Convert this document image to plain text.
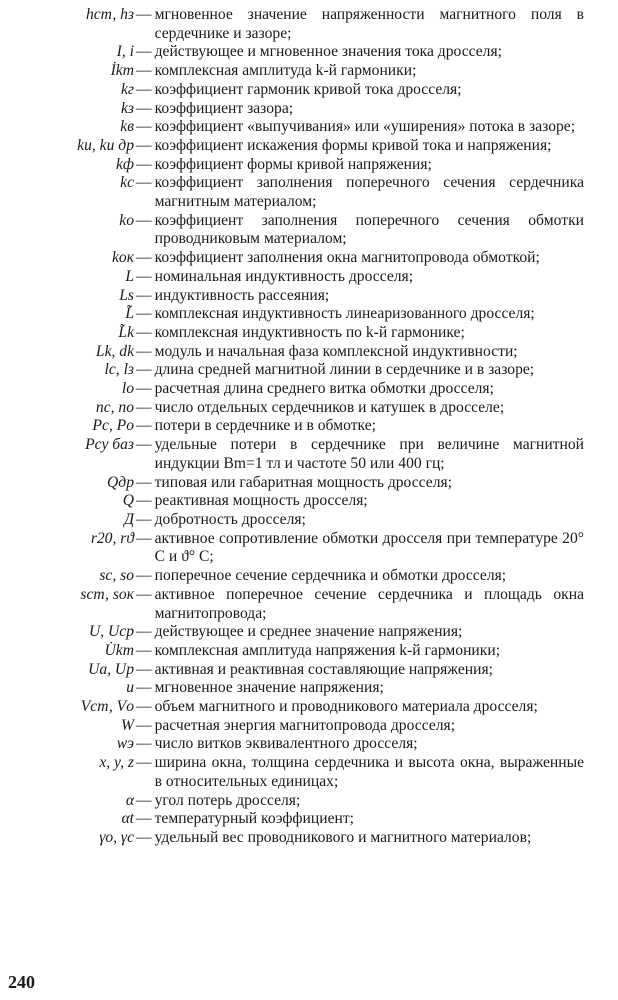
hст, hз — мгновенное значение напряженности магнитного поля в сердечнике и зазоре;
I, i — действующее и мгновенное значения тока дросселя;
İkm — комплексная амплитуда k-й гармоники;
kг — коэффициент гармоник кривой тока дросселя;
kз — коэффициент зазора;
kв — коэффициент «выпучивания» или «уширения» потока в зазоре;
kи, kи др — коэффициент искажения формы кривой тока и напряжения;
kф — коэффициент формы кривой напряжения;
kс — коэффициент заполнения поперечного сечения сердечника магнитным материалом;
kо — коэффициент заполнения поперечного сечения обмотки проводниковым материалом;
kок — коэффициент заполнения окна магнитопровода обмоткой;
L — номинальная индуктивность дросселя;
Ls — индуктивность рассеяния;
L̃ — комплексная индуктивность линеаризованного дросселя;
L̃k — комплексная индуктивность по k-й гармонике;
Lk, dk — модуль и начальная фаза комплексной индуктивности;
lс, lз — длина средней магнитной линии в сердечнике и в зазоре;
lо — расчетная длина среднего витка обмотки дросселя;
nс, nо — число отдельных сердечников и катушек в дросселе;
Pс, Pо — потери в сердечнике и в обмотке;
Pсу баз — удельные потери в сердечнике при величине магнитной индукции Bm=1 тл и частоте 50 или 400 гц;
Qдр — типовая или габаритная мощность дросселя;
Q — реактивная мощность дросселя;
Д — добротность дросселя;
r20, rϑ — активное сопротивление обмотки дросселя при температуре 20° С и ϑ° С;
sс, sо — поперечное сечение сердечника и обмотки дросселя;
sст, sок — активное поперечное сечение сердечника и площадь окна магнитопровода;
U, Uср — действующее и среднее значение напряжения;
U̇km — комплексная амплитуда напряжения k-й гармоники;
Uа, Uр — активная и реактивная составляющие напряжения;
u — мгновенное значение напряжения;
Vст, Vо — объем магнитного и проводникового материала дросселя;
W — расчетная энергия магнитопровода дросселя;
wэ — число витков эквивалентного дросселя;
x, y, z — ширина окна, толщина сердечника и высота окна, выраженные в относительных единицах;
α — угол потерь дросселя;
αt — температурный коэффициент;
γо, γс — удельный вес проводникового и магнитного материалов;
240
